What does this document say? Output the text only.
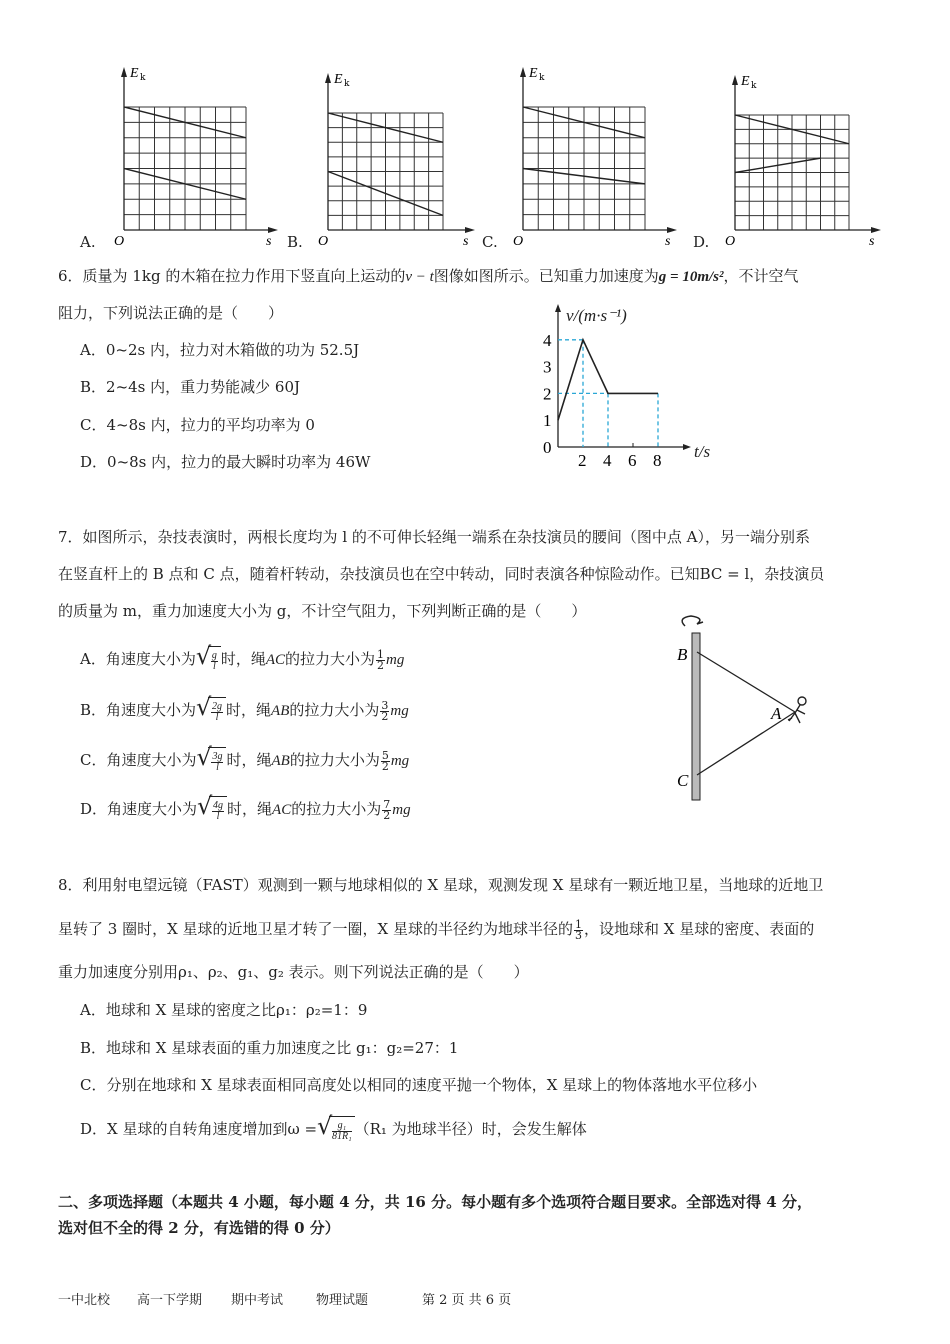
E k
O	s
E k
O	s
E k
O	s
E k
O	s
A.	B.	C.	D.
6．质量为 1kg 的木箱在拉力作用下竖直向上运动的v − t图像如图所示。已知重力加速度为g = 10m/s²，不计空气
阻力，下列说法正确的是（　　）
A．0~2s 内，拉力对木箱做的功为 52.5J
B．2~4s 内，重力势能减少 60J
C．4~8s 内，拉力的平均功率为 0
D．0~8s 内，拉力的最大瞬时功率为 46W	2 4 6 8
0
1
2
3
4
v/(m·s⁻¹)
t/s
7．如图所示，杂技表演时，两根长度均为 l 的不可伸长轻绳一端系在杂技演员的腰间（图中点 A），另一端分别系
在竖直杆上的 B 点和 C 点，随着杆转动，杂技演员也在空中转动，同时表演各种惊险动作。已知BC = l，杂技演员
的质量为 m，重力加速度大小为 g，不计空气阻力，下列判断正确的是（　　）
A．角速度大小为 √ $\frac{g}{l}$ 时，绳AC的拉力大小为 $\frac{1}{2}$ mg
B．角速度大小为 √ $\frac{2g}{l}$ 时，绳AB的拉力大小为 $\frac{3}{2}$ mg
C．角速度大小为 √ $\frac{3g}{l}$ 时，绳AB的拉力大小为 $\frac{5}{2}$ mg
D．角速度大小为 √ $\frac{4g}{l}$ 时，绳AC的拉力大小为 $\frac{7}{2}$ mg
B
A
C
8．利用射电望远镜（FAST）观测到一颗与地球相似的 X 星球，观测发现 X 星球有一颗近地卫星，当地球的近地卫
星转了 3 圈时，X 星球的近地卫星才转了一圈，X 星球的半径约为地球半径的 $\frac{1}{3}$ ，设地球和 X 星球的密度、表面的
重力加速度分别用ρ₁、ρ₂、g₁、g₂ 表示。则下列说法正确的是（　　）
A．地球和 X 星球的密度之比ρ₁：ρ₂=1：9
B．地球和 X 星球表面的重力加速度之比 g₁：g₂=27：1
C．分别在地球和 X 星球表面相同高度处以相同的速度平抛一个物体，X 星球上的物体落地水平位移小
D．X 星球的自转角速度增加到ω = √ $\frac{\text{g₁}}{\text{81R₁}} (R_1$ 为地球半径）时，会发生解体
二、多项选择题（本题共 4 小题，每小题 4 分，共 16 分。每小题有多个选项符合题目要求。全部选对得 4 分，
选对但不全的得 2 分，有选错的得 0 分）
一中北校 高一下学期 期中考试	物理试题	第 2 页 共 6 页
